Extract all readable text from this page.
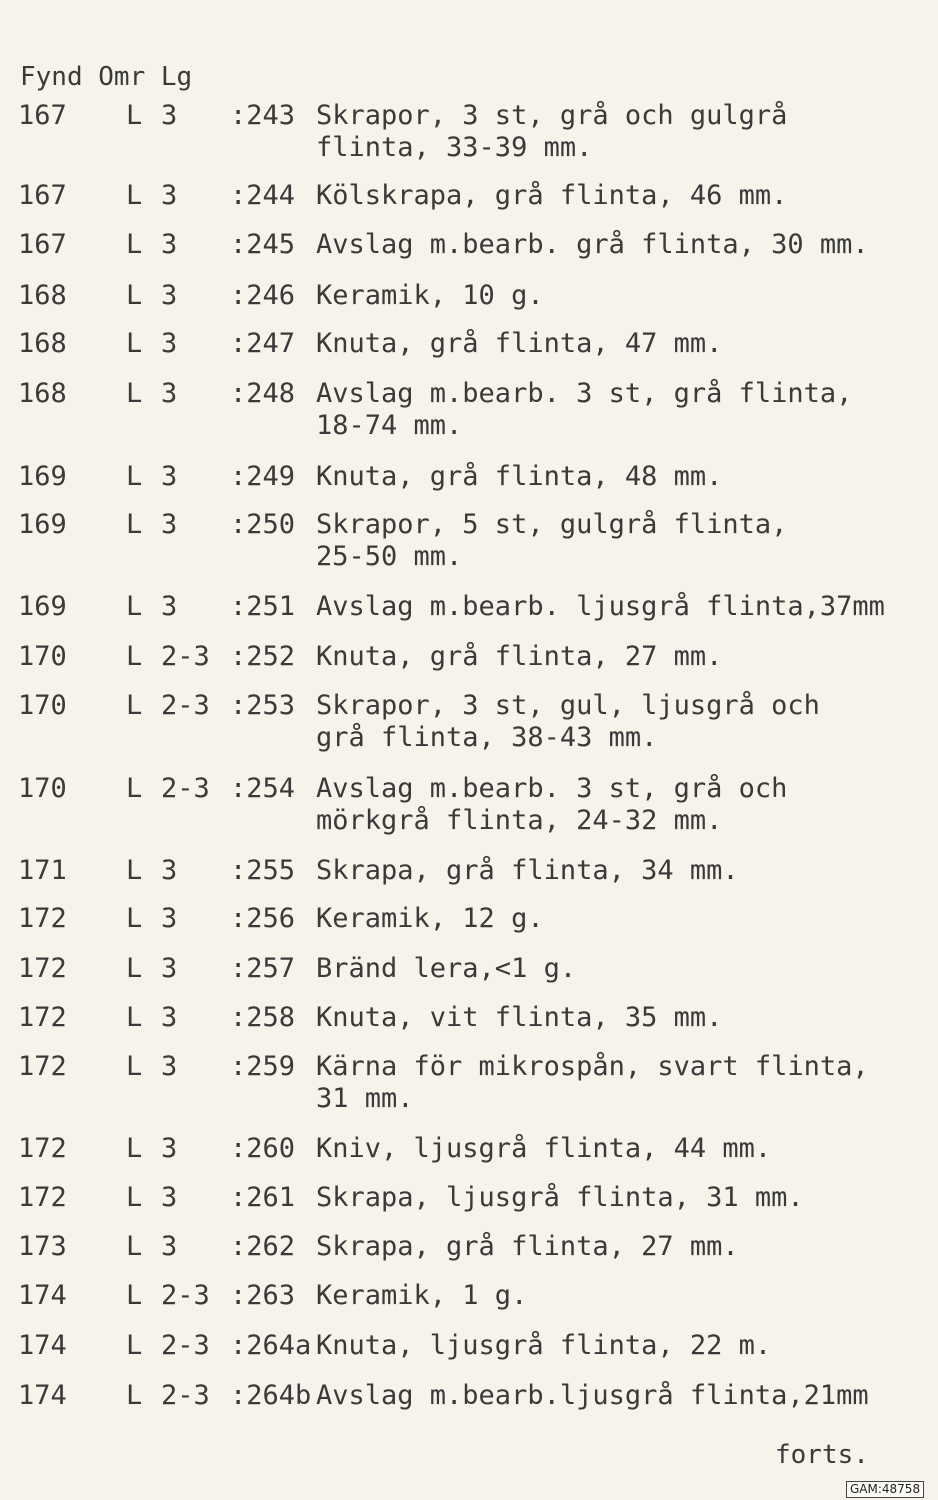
Fynd Omr Lg
167 L 3 :243 Skrapor, 3 st, grå och gulgrå
flinta, 33-39 mm.
167 L 3 :244 Kölskrapa, grå flinta, 46 mm.
167 L 3 :245 Avslag m.bearb. grå flinta, 30 mm.
168 L 3 :246 Keramik, 10 g.
168 L 3 :247 Knuta, grå flinta, 47 mm.
168 L 3 :248 Avslag m.bearb. 3 st, grå flinta,
18-74 mm.
169 L 3 :249 Knuta, grå flinta, 48 mm.
169 L 3 :250 Skrapor, 5 st, gulgrå flinta,
25-50 mm.
169 L 3 :251 Avslag m.bearb. ljusgrå flinta,37mm
170 L 2-3 :252 Knuta, grå flinta, 27 mm.
170 L 2-3 :253 Skrapor, 3 st, gul, ljusgrå och
grå flinta, 38-43 mm.
170 L 2-3 :254 Avslag m.bearb. 3 st, grå och
mörkgrå flinta, 24-32 mm.
171 L 3 :255 Skrapa, grå flinta, 34 mm.
172 L 3 :256 Keramik, 12 g.
172 L 3 :257 Bränd lera,<1 g.
172 L 3 :258 Knuta, vit flinta, 35 mm.
172 L 3 :259 Kärna för mikrospån, svart flinta,
31 mm.
172 L 3 :260 Kniv, ljusgrå flinta, 44 mm.
172 L 3 :261 Skrapa, ljusgrå flinta, 31 mm.
173 L 3 :262 Skrapa, grå flinta, 27 mm.
174 L 2-3 :263 Keramik, 1 g.
174 L 2-3 :264a Knuta, ljusgrå flinta, 22 m.
174 L 2-3 :264b Avslag m.bearb.ljusgrå flinta,21mm
forts.
GAM:48758
